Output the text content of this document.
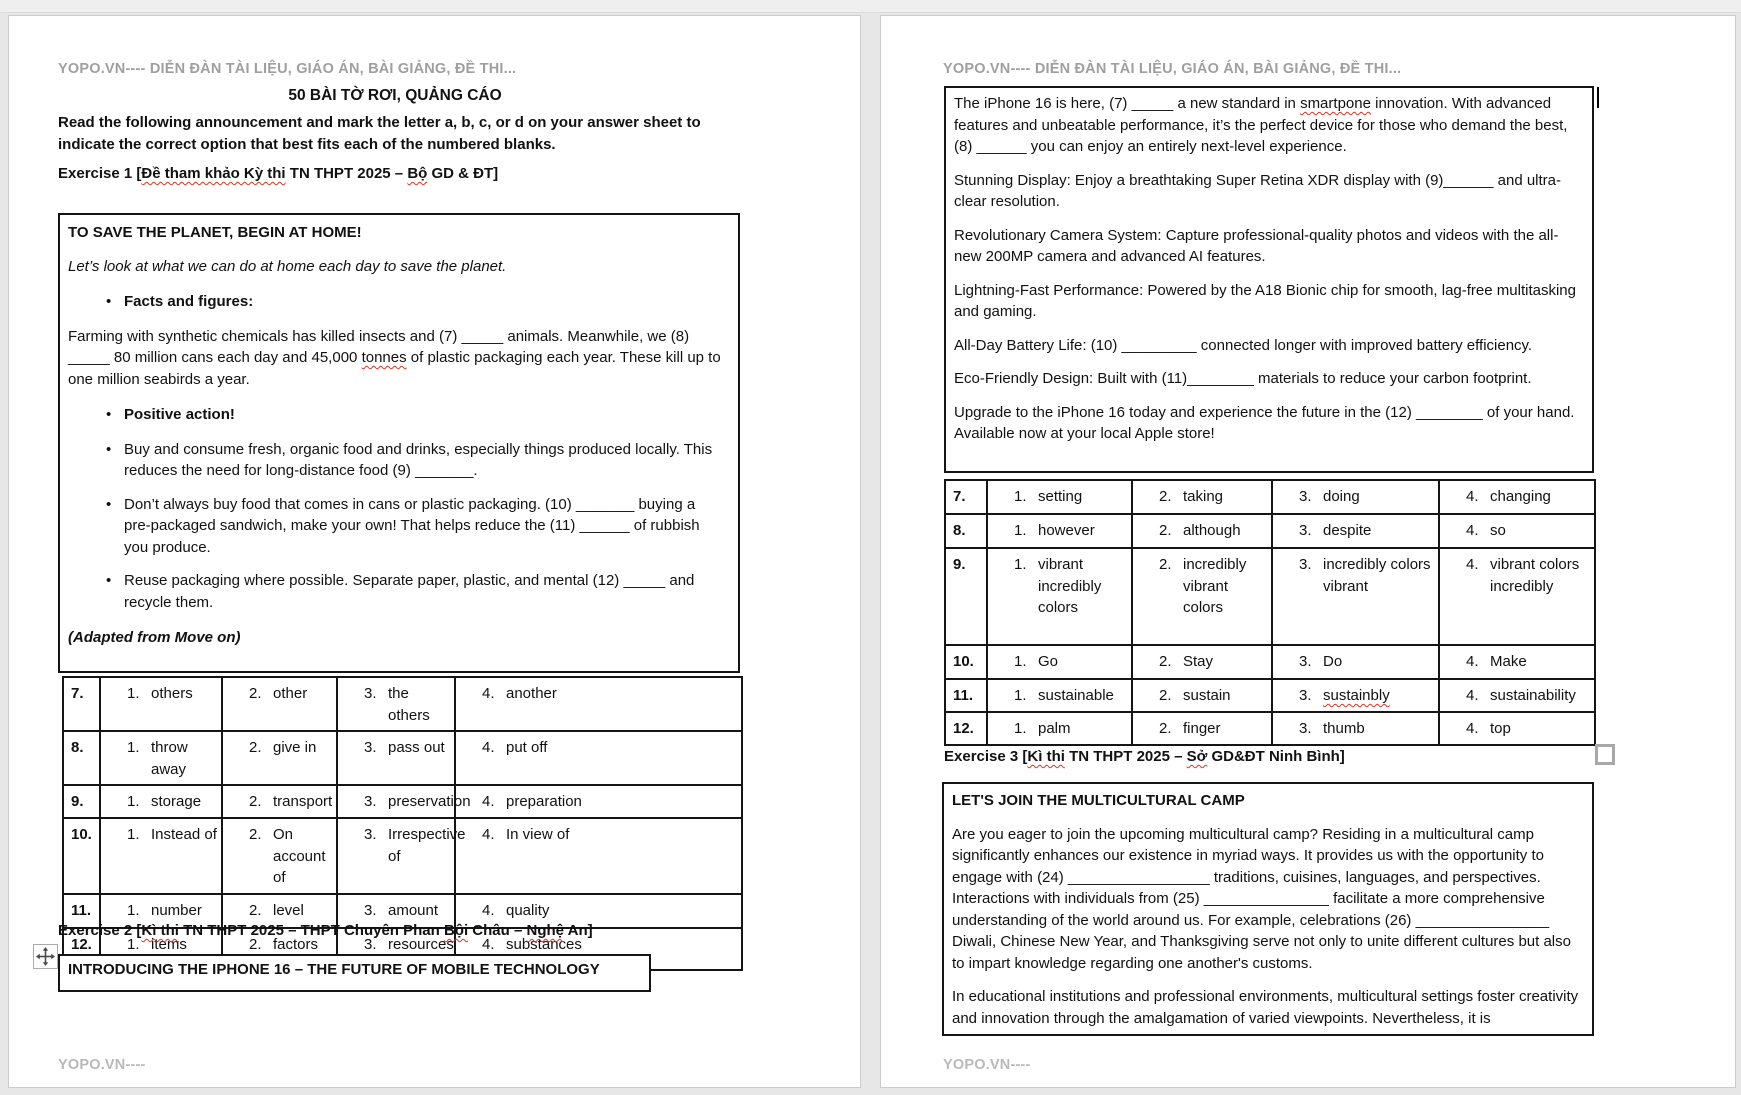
YOPO.VN---- DIỄN ĐÀN TÀI LIỆU, GIÁO ÁN, BÀI GIẢNG, ĐỀ THI...
50 BÀI TỜ RƠI, QUẢNG CÁO
Read the following announcement and mark the letter a, b, c, or d on your answer sheet to indicate the correct option that best fits each of the numbered blanks.
Exercise 1 [Đề tham khảo Kỳ thi TN THPT 2025 – Bộ GD & ĐT]

TO SAVE THE PLANET, BEGIN AT HOME!

Let’s look at what we can do at home each day to save the planet.

• Facts and figures:

Farming with synthetic chemicals has killed insects and (7) _____ animals. Meanwhile, we (8) _____ 80 million cans each day and 45,000 tonnes of plastic packaging each year. These kill up to one million seabirds a year.

• Positive action!
• Buy and consume fresh, organic food and drinks, especially things produced locally. This reduces the need for long-distance food (9) _______.
• Don’t always buy food that comes in cans or plastic packaging. (10) _______ buying a pre-packaged sandwich, make your own! That helps reduce the (11) ______ of rubbish you produce.
• Reuse packaging where possible. Separate paper, plastic, and mental (12) _____ and recycle them.

(Adapted from Move on)

7.	1. others	2. other	3. the others	4. another

8.	1. throw away	2. give in	3. pass out	4. put off

9.	1. storage	2. transport	3. preservation	4. preparation

10.	1. Instead of	2. On account of	3. Irrespective of	4. In view of

11.	1. number	2. level	3. amount	4. quality

12.	1. items	2. factors	3. resources	4. substances
Exercise 2 [Kì thi TN THPT 2025 – THPT Chuyên Phan Bội Châu – Nghệ An]
INTRODUCING THE IPHONE 16 – THE FUTURE OF MOBILE TECHNOLOGY
YOPO.VN----
YOPO.VN---- DIỄN ĐÀN TÀI LIỆU, GIÁO ÁN, BÀI GIẢNG, ĐỀ THI...

The iPhone 16 is here, (7) _____ a new standard in smartpone innovation. With advanced features and unbeatable performance, it’s the perfect device for those who demand the best, (8) ______ you can enjoy an entirely next-level experience.

Stunning Display: Enjoy a breathtaking Super Retina XDR display with (9)______ and ultra-clear resolution.

Revolutionary Camera System: Capture professional-quality photos and videos with the all-new 200MP camera and advanced AI features.

Lightning-Fast Performance: Powered by the A18 Bionic chip for smooth, lag-free multitasking and gaming.

All-Day Battery Life: (10) _________ connected longer with improved battery efficiency.

Eco-Friendly Design: Built with (11)________ materials to reduce your carbon footprint.

Upgrade to the iPhone 16 today and experience the future in the (12) ________ of your hand. Available now at your local Apple store!

7.	1. setting	2. taking	3. doing	4. changing

8.	1. however	2. although	3. despite	4. so

9.	1. vibrant incredibly colors	2. incredibly vibrant colors	3. incredibly colors vibrant	4. vibrant colors incredibly

10.	1. Go	2. Stay	3. Do	4. Make

11.	1. sustainable	2. sustain	3. sustainbly	4. sustainability

12.	1. palm	2. finger	3. thumb	4. top
Exercise 3 [Kì thi TN THPT 2025 – Sở GD&ĐT Ninh Bình]

LET'S JOIN THE MULTICULTURAL CAMP

Are you eager to join the upcoming multicultural camp? Residing in a multicultural camp significantly enhances our existence in myriad ways. It provides us with the opportunity to engage with (24) _________________ traditions, cuisines, languages, and perspectives. Interactions with individuals from (25) _______________ facilitate a more comprehensive understanding of the world around us. For example, celebrations (26) ________________ Diwali, Chinese New Year, and Thanksgiving serve not only to unite different cultures but also to impart knowledge regarding one another's customs.

In educational institutions and professional environments, multicultural settings foster creativity and innovation through the amalgamation of varied viewpoints. Nevertheless, it is

YOPO.VN----
